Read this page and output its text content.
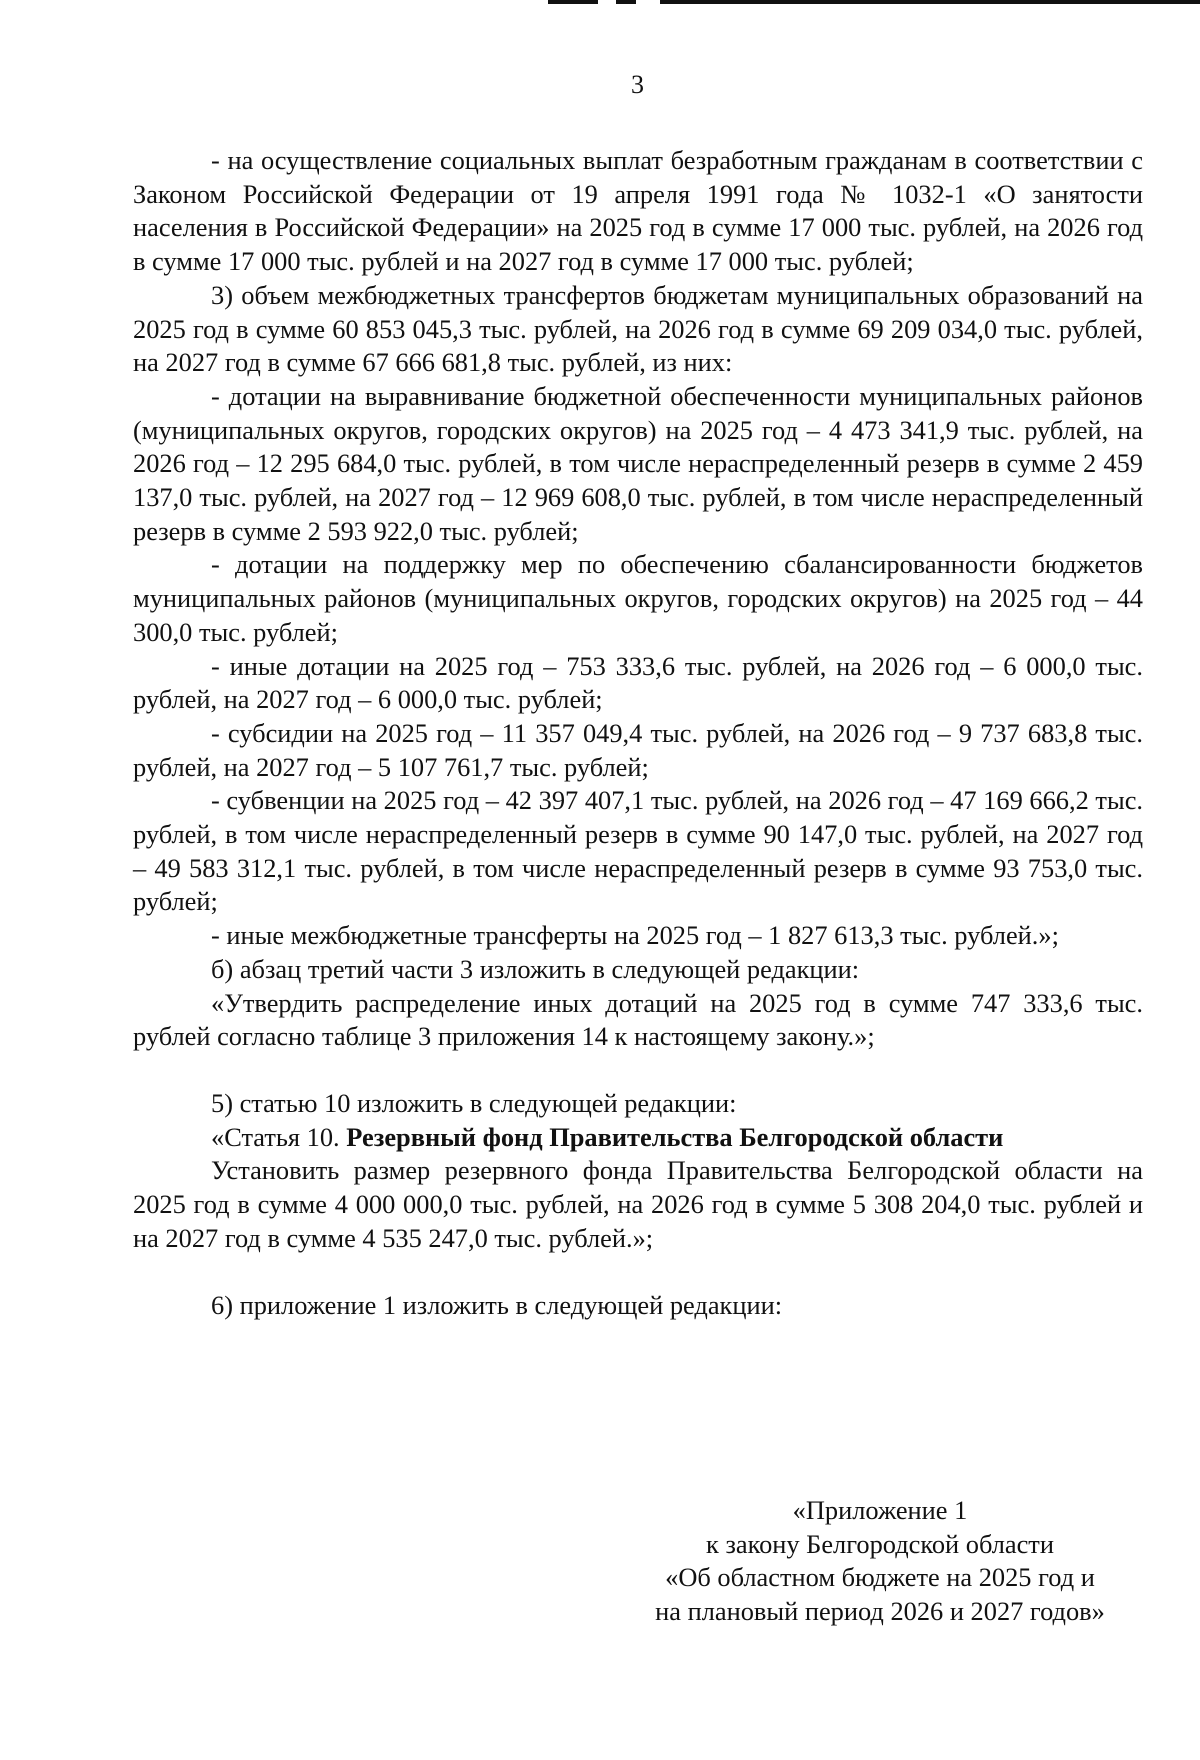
3

- на осуществление социальных выплат безработным гражданам в соответствии с Законом Российской Федерации от 19 апреля 1991 года № 1032-1 «О занятости населения в Российской Федерации» на 2025 год в сумме 17 000 тыс. рублей, на 2026 год в сумме 17 000 тыс. рублей и на 2027 год в сумме 17 000 тыс. рублей;

3) объем межбюджетных трансфертов бюджетам муниципальных образований на 2025 год в сумме 60 853 045,3 тыс. рублей, на 2026 год в сумме 69 209 034,0 тыс. рублей, на 2027 год в сумме 67 666 681,8 тыс. рублей, из них:

- дотации на выравнивание бюджетной обеспеченности муниципальных районов (муниципальных округов, городских округов) на 2025 год – 4 473 341,9 тыс. рублей, на 2026 год – 12 295 684,0 тыс. рублей, в том числе нераспределенный резерв в сумме 2 459 137,0 тыс. рублей, на 2027 год – 12 969 608,0 тыс. рублей, в том числе нераспределенный резерв в сумме 2 593 922,0 тыс. рублей;

- дотации на поддержку мер по обеспечению сбалансированности бюджетов муниципальных районов (муниципальных округов, городских округов) на 2025 год – 44 300,0 тыс. рублей;

- иные дотации на 2025 год – 753 333,6 тыс. рублей, на 2026 год – 6 000,0 тыс. рублей, на 2027 год – 6 000,0 тыс. рублей;

- субсидии на 2025 год – 11 357 049,4 тыс. рублей, на 2026 год – 9 737 683,8 тыс. рублей, на 2027 год – 5 107 761,7 тыс. рублей;

- субвенции на 2025 год – 42 397 407,1 тыс. рублей, на 2026 год – 47 169 666,2 тыс. рублей, в том числе нераспределенный резерв в сумме 90 147,0 тыс. рублей, на 2027 год – 49 583 312,1 тыс. рублей, в том числе нераспределенный резерв в сумме 93 753,0 тыс. рублей;

- иные межбюджетные трансферты на 2025 год – 1 827 613,3 тыс. рублей.»;

б) абзац третий части 3 изложить в следующей редакции:

«Утвердить распределение иных дотаций на 2025 год в сумме 747 333,6 тыс. рублей согласно таблице 3 приложения 14 к настоящему закону.»;

5) статью 10 изложить в следующей редакции:

«Статья 10. Резервный фонд Правительства Белгородской области

Установить размер резервного фонда Правительства Белгородской области на 2025 год в сумме 4 000 000,0 тыс. рублей, на 2026 год в сумме 5 308 204,0 тыс. рублей и на 2027 год в сумме 4 535 247,0 тыс. рублей.»;

6) приложение 1 изложить в следующей редакции:

«Приложение 1
к закону Белгородской области
«Об областном бюджете на 2025 год и
на плановый период 2026 и 2027 годов»
